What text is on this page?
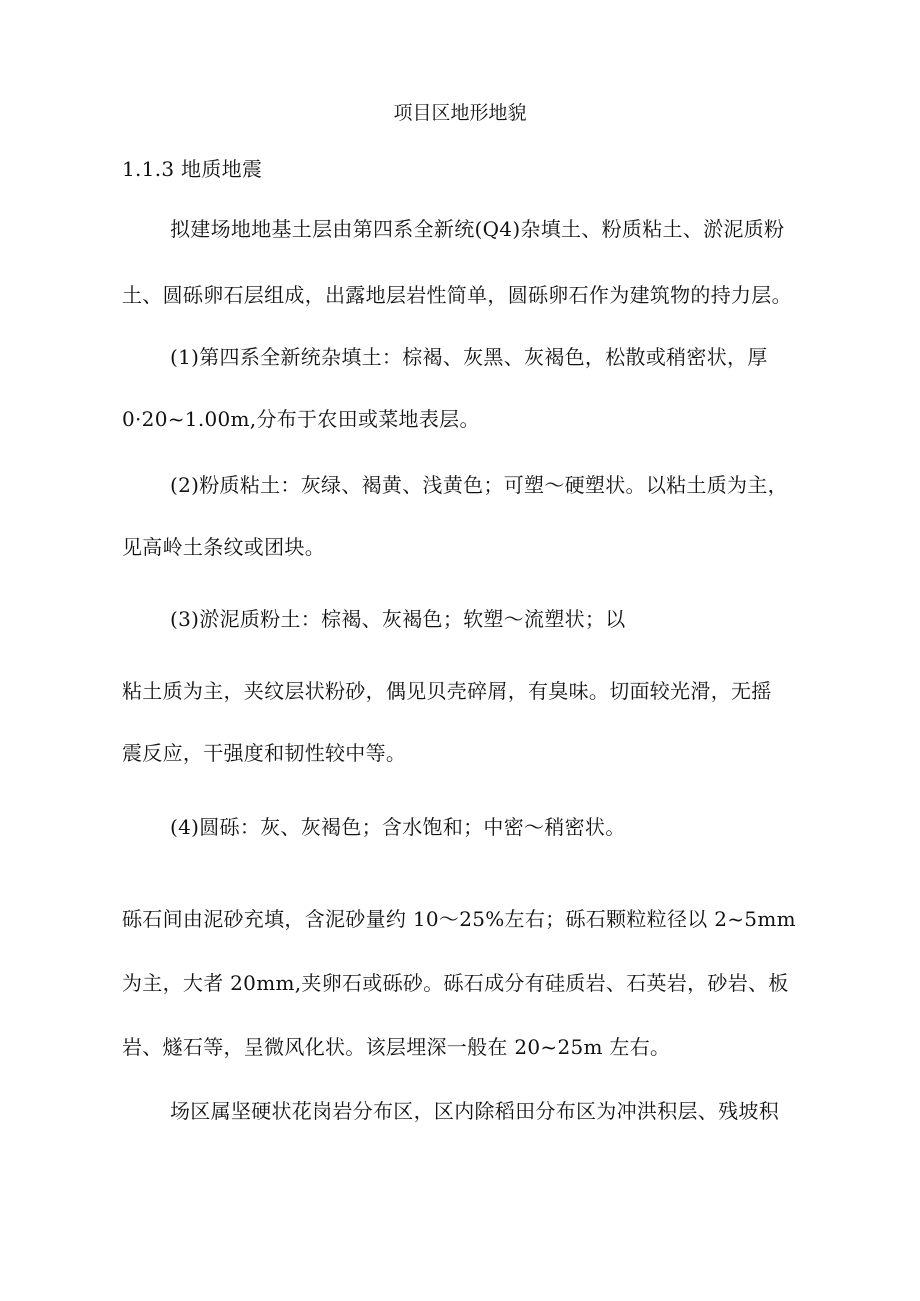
项目区地形地貌
1.1.3 地质地震
拟建场地地基土层由第四系全新统(Q4)杂填土、粉质粘土、淤泥质粉
土、圆砾卵石层组成，出露地层岩性简单，圆砾卵石作为建筑物的持力层。
(1)第四系全新统杂填土：棕褐、灰黑、灰褐色，松散或稍密状，厚
0·20~1.00m,分布于农田或菜地表层。
(2)粉质粘土：灰绿、褐黄、浅黄色；可塑～硬塑状。以粘土质为主，
见高岭土条纹或团块。
(3)淤泥质粉土：棕褐、灰褐色；软塑～流塑状；以
粘土质为主，夹纹层状粉砂，偶见贝壳碎屑，有臭味。切面较光滑，无摇
震反应，干强度和韧性较中等。
(4)圆砾：灰、灰褐色；含水饱和；中密～稍密状。
砾石间由泥砂充填，含泥砂量约 10～25%左右；砾石颗粒粒径以 2~5mm
为主，大者 20mm,夹卵石或砾砂。砾石成分有硅质岩、石英岩，砂岩、板
岩、燧石等，呈微风化状。该层埋深一般在 20~25m 左右。
场区属坚硬状花岗岩分布区，区内除稻田分布区为冲洪积层、残坡积
